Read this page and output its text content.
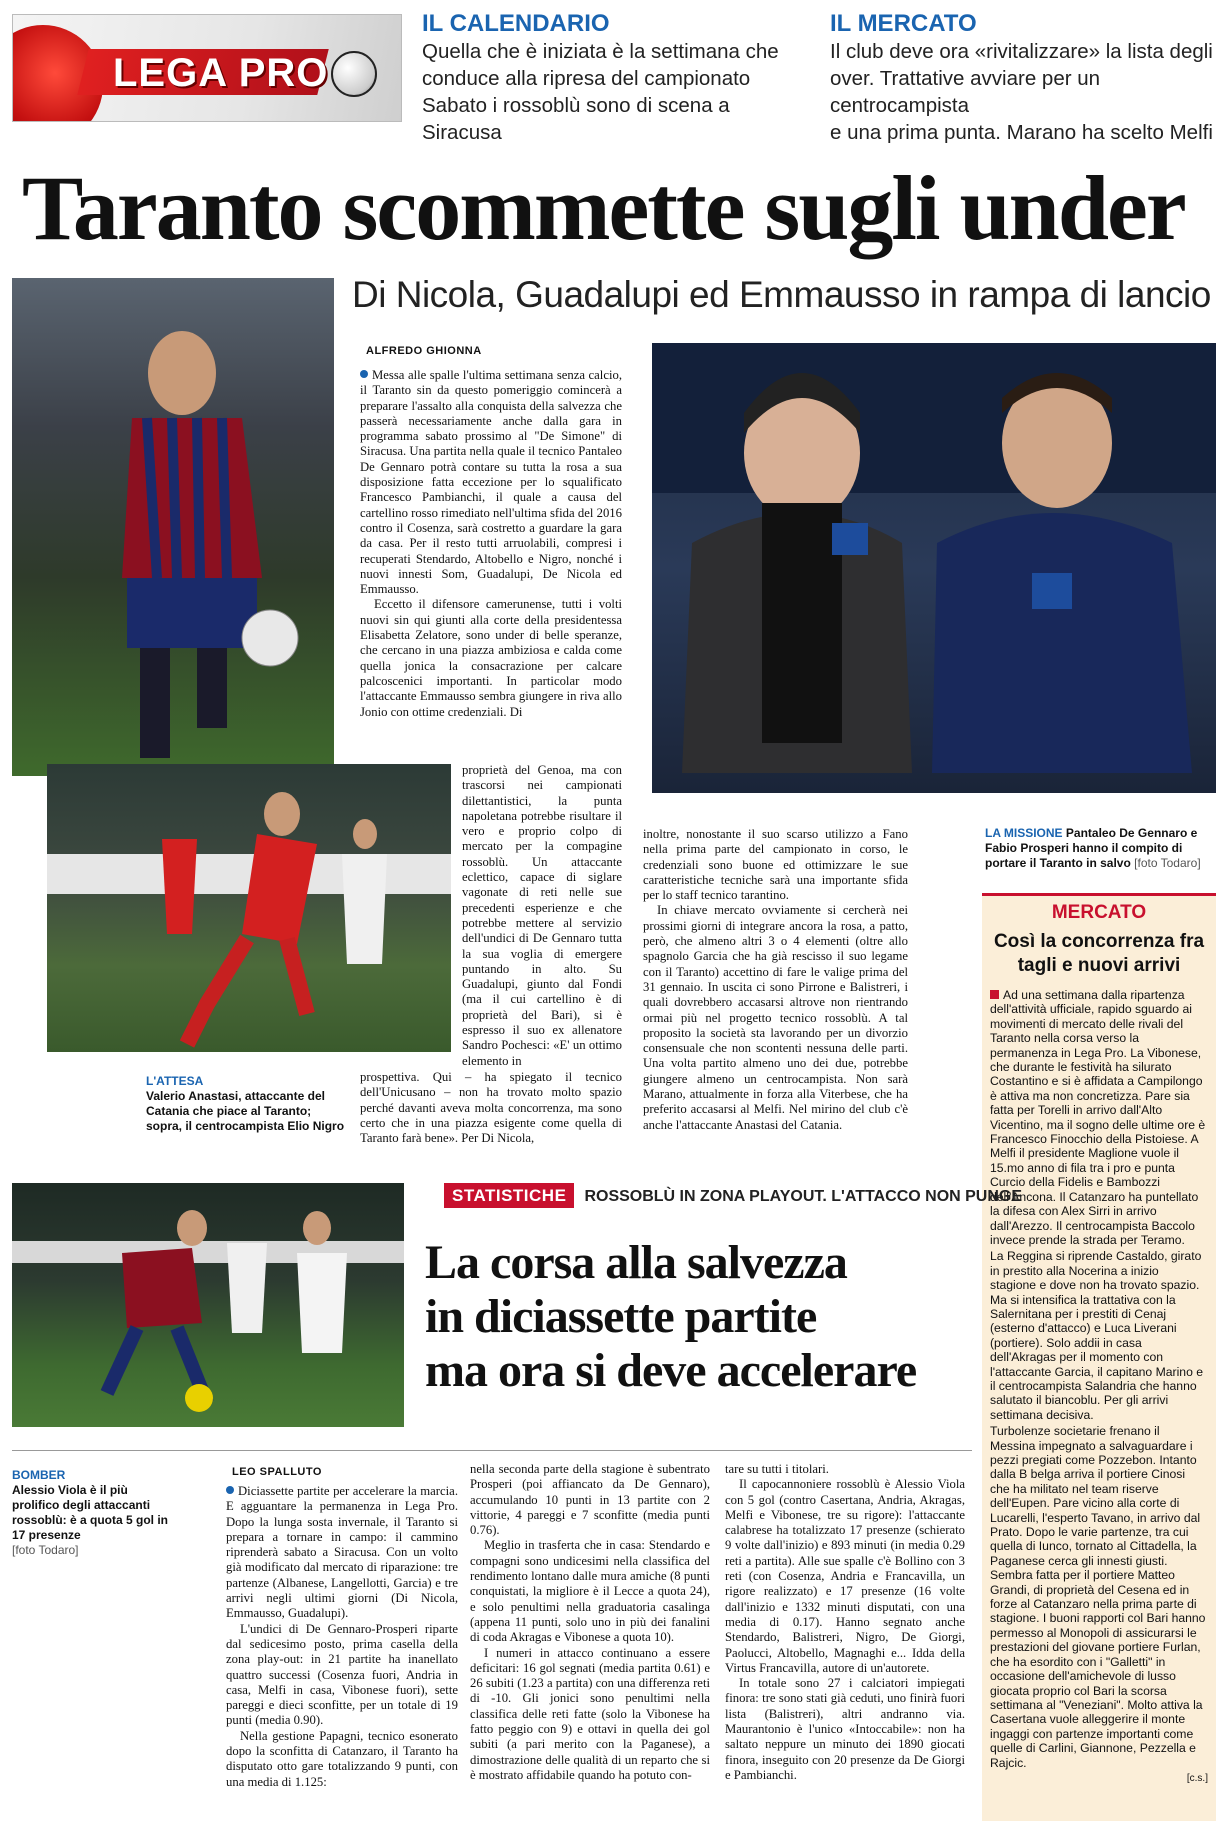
LEGA PRO
IL CALENDARIO
Quella che è iniziata è la settimana che
conduce alla ripresa del campionato
Sabato i rossoblù sono di scena a Siracusa
IL MERCATO
Il club deve ora «rivitalizzare» la lista degli
over. Trattative avviare per un centrocampista
e una prima punta. Marano ha scelto Melfi
Taranto scommette sugli under
Di Nicola, Guadalupi ed Emmausso in rampa di lancio
ALFREDO GHIONNA

Messa alle spalle l'ultima settimana senza calcio, il Taranto sin da questo pomeriggio comincerà a preparare l'assalto alla conquista della salvezza che passerà necessariamente anche dalla gara in programma sabato prossimo al "De Simone" di Siracusa. Una partita nella quale il tecnico Pantaleo De Gennaro potrà contare su tutta la rosa a sua disposizione fatta eccezione per lo squalificato Francesco Pambianchi, il quale a causa del cartellino rosso rimediato nell'ultima sfida del 2016 contro il Cosenza, sarà costretto a guardare la gara da casa. Per il resto tutti arruolabili, compresi i recuperati Stendardo, Altobello e Nigro, nonché i nuovi innesti Som, Guadalupi, De Nicola ed Emmausso.

Eccetto il difensore camerunense, tutti i volti nuovi sin qui giunti alla corte della presidentessa Elisabetta Zelatore, sono under di belle speranze, che cercano in una piazza ambiziosa e calda come quella jonica la consacrazione per calcare palcoscenici importanti. In particolar modo l'attaccante Emmausso sembra giungere in riva allo Jonio con ottime credenziali. Di

proprietà del Genoa, ma con trascorsi nei campionati dilettantistici, la punta napoletana potrebbe risultare il vero e proprio colpo di mercato per la compagine rossoblù. Un attaccante eclettico, capace di siglare vagonate di reti nelle sue precedenti esperienze e che potrebbe mettere al servizio dell'undici di De Gennaro tutta la sua voglia di emergere puntando in alto. Su Guadalupi, giunto dal Fondi (ma il cui cartellino è di proprietà del Bari), si è espresso il suo ex allenatore Sandro Pochesci: «E' un ottimo elemento in

prospettiva. Qui – ha spiegato il tecnico dell'Unicusano – non ha trovato molto spazio perché davanti aveva molta concorrenza, ma sono certo che in una piazza esigente come quella di Taranto farà bene». Per Di Nicola,

inoltre, nonostante il suo scarso utilizzo a Fano nella prima parte del campionato in corso, le credenziali sono buone ed ottimizzare le sue caratteristiche tecniche sarà una importante sfida per lo staff tecnico tarantino.

In chiave mercato ovviamente si cercherà nei prossimi giorni di integrare ancora la rosa, a patto, però, che almeno altri 3 o 4 elementi (oltre allo spagnolo Garcia che ha già rescisso il suo legame con il Taranto) accettino di fare le valige prima del 31 gennaio. In uscita ci sono Pirrone e Balistreri, i quali dovrebbero accasarsi altrove non rientrando ormai più nel progetto tecnico rossoblù. A tal proposito la società sta lavorando per un divorzio consensuale che non scontenti nessuna delle parti. Una volta partito almeno uno dei due, potrebbe giungere almeno un centrocampista. Non sarà Marano, attualmente in forza alla Viterbese, che ha preferito accasarsi al Melfi. Nel mirino del club c'è anche l'attaccante Anastasi del Catania.

LA MISSIONE Pantaleo De Gennaro e Fabio Prosperi hanno il compito di portare il Taranto in salvo [foto Todaro]
L'ATTESA
Valerio Anastasi, attaccante del Catania che piace al Taranto; sopra, il centrocampista Elio Nigro
MERCATO
Così la concorrenza fra tagli e nuovi arrivi
Ad una settimana dalla ripartenza dell'attività ufficiale, rapido sguardo ai movimenti di mercato delle rivali del Taranto nella corsa verso la permanenza in Lega Pro. La Vibonese, che durante le festività ha silurato Costantino e si è affidata a Campilongo è attiva ma non concretizza. Pare sia fatta per Torelli in arrivo dall'Alto Vicentino, ma il sogno delle ultime ore è Francesco Finocchio della Pistoiese. A Melfi il presidente Maglione vuole il 15.mo anno di fila tra i pro e punta Curcio della Fidelis e Bambozzi dell'Ancona. Il Catanzaro ha puntellato la difesa con Alex Sirri in arrivo dall'Arezzo. Il centrocampista Baccolo invece prende la strada per Teramo.
La Reggina si riprende Castaldo, girato in prestito alla Nocerina a inizio stagione e dove non ha trovato spazio. Ma si intensifica la trattativa con la Salernitana per i prestiti di Cenaj (esterno d'attacco) e Luca Liverani (portiere). Solo addii in casa dell'Akragas per il momento con l'attaccante Garcia, il capitano Marino e il centrocampista Salandria che hanno salutato il biancoblu. Per gli arrivi settimana decisiva.
Turbolenze societarie frenano il Messina impegnato a salvaguardare i pezzi pregiati come Pozzebon. Intanto dalla B belga arriva il portiere Cinosi che ha militato nel team riserve dell'Eupen. Pare vicino alla corte di Lucarelli, l'esperto Tavano, in arrivo dal Prato. Dopo le varie partenze, tra cui quella di Iunco, tornato al Cittadella, la Paganese cerca gli innesti giusti. Sembra fatta per il portiere Matteo Grandi, di proprietà del Cesena ed in forze al Catanzaro nella prima parte di stagione. I buoni rapporti col Bari hanno permesso al Monopoli di assicurarsi le prestazioni del giovane portiere Furlan, che ha esordito con i "Galletti" in occasione dell'amichevole di lusso giocata proprio col Bari la scorsa settimana al "Veneziani". Molto attiva la Casertana vuole alleggerire il monte ingaggi con partenze importanti come quelle di Carlini, Giannone, Pezzella e Rajcic.
[c.s.]
STATISTICHE ROSSOBLÙ IN ZONA PLAYOUT. L'ATTACCO NON PUNGE
La corsa alla salvezza
in diciassette partite
ma ora si deve accelerare
BOMBER
Alessio Viola è il più prolifico degli attaccanti rossoblù: è a quota 5 gol in 17 presenze
[foto Todaro]
LEO SPALLUTO

Diciassette partite per accelerare la marcia. E agguantare la permanenza in Lega Pro. Dopo la lunga sosta invernale, il Taranto si prepara a tornare in campo: il cammino riprenderà sabato a Siracusa. Con un volto già modificato dal mercato di riparazione: tre partenze (Albanese, Langellotti, Garcia) e tre arrivi negli ultimi giorni (Di Nicola, Emmausso, Guadalupi).

L'undici di De Gennaro-Prosperi riparte dal sedicesimo posto, prima casella della zona play-out: in 21 partite ha inanellato quattro successi (Cosenza fuori, Andria in casa, Melfi in casa, Vibonese fuori), sette pareggi e dieci sconfitte, per un totale di 19 punti (media 0.90).

Nella gestione Papagni, tecnico esonerato dopo la sconfitta di Catanzaro, il Taranto ha disputato otto gare totalizzando 9 punti, con una media di 1.125:

nella seconda parte della stagione è subentrato Prosperi (poi affiancato da De Gennaro), accumulando 10 punti in 13 partite con 2 vittorie, 4 pareggi e 7 sconfitte (media punti 0.76).

Meglio in trasferta che in casa: Stendardo e compagni sono undicesimi nella classifica del rendimento lontano dalle mura amiche (8 punti conquistati, la migliore è il Lecce a quota 24), e solo penultimi nella graduatoria casalinga (appena 11 punti, solo uno in più dei fanalini di coda Akragas e Vibonese a quota 10).

I numeri in attacco continuano a essere deficitari: 16 gol segnati (media partita 0.61) e 26 subiti (1.23 a partita) con una differenza reti di -10. Gli jonici sono penultimi nella classifica delle reti fatte (solo la Vibonese ha fatto peggio con 9) e ottavi in quella dei gol subiti (a pari merito con la Paganese), a dimostrazione delle qualità di un reparto che si è mostrato affidabile quando ha potuto con-

tare su tutti i titolari.

Il capocannoniere rossoblù è Alessio Viola con 5 gol (contro Casertana, Andria, Akragas, Melfi e Vibonese, tre su rigore): l'attaccante calabrese ha totalizzato 17 presenze (schierato 9 volte dall'inizio) e 893 minuti (in media 0.29 reti a partita). Alle sue spalle c'è Bollino con 3 reti (con Cosenza, Andria e Francavilla, un rigore realizzato) e 17 presenze (16 volte dall'inizio e 1332 minuti disputati, con una media di 0.17). Hanno segnato anche Stendardo, Balistreri, Nigro, De Giorgi, Paolucci, Altobello, Magnaghi e... Idda della Virtus Francavilla, autore di un'autorete.

In totale sono 27 i calciatori impiegati finora: tre sono stati già ceduti, uno finirà fuori lista (Balistreri), altri andranno via. Maurantonio è l'unico «Intoccabile»: non ha saltato neppure un minuto dei 1890 giocati finora, inseguito con 20 presenze da De Giorgi e Pambianchi.
